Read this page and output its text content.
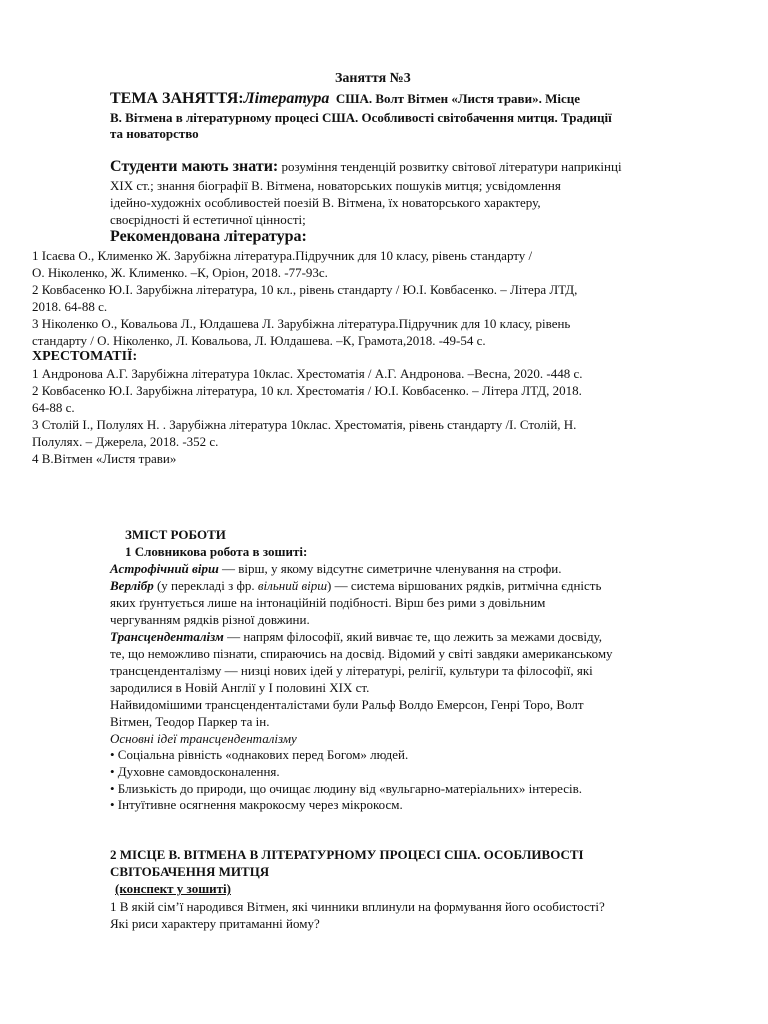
Заняття №3
ТЕМА ЗАНЯТТЯ:Література США. Волт Вітмен «Листя трави». Місце
В. Вітмена в літературному процесі США. Особливості світобачення митця. Традиції
та новаторство
Студенти мають знати: розуміння тенденцій розвитку світової літератури наприкінці
ХІХ ст.; знання біографії В. Вітмена, новаторських пошуків митця; усвідомлення
ідейно-художніх особливостей поезій В. Вітмена, їх новаторського характеру,
своєрідності й естетичної цінності;
Рекомендована література:
1 Ісаєва О., Клименко Ж. Зарубіжна література.Підручник для 10 класу, рівень стандарту /
О. Ніколенко, Ж. Клименко. –К, Оріон, 2018. -77-93с.
2 Ковбасенко Ю.І. Зарубіжна література, 10 кл., рівень стандарту / Ю.І. Ковбасенко. – Літера ЛТД,
2018. 64-88 с.
3 Ніколенко О., Ковальова Л., Юлдашева Л. Зарубіжна література.Підручник для 10 класу, рівень
стандарту / О. Ніколенко, Л. Ковальова, Л. Юлдашева. –К, Грамота,2018. -49-54 с.
ХРЕСТОМАТІЇ:
1 Андронова А.Г. Зарубіжна література 10клас. Хрестоматія / А.Г. Андронова. –Весна, 2020. -448 с.
2 Ковбасенко Ю.І. Зарубіжна література, 10 кл. Хрестоматія / Ю.І. Ковбасенко. – Літера ЛТД, 2018.
64-88 с.
3 Столій І., Полулях Н. . Зарубіжна література 10клас. Хрестоматія, рівень стандарту /І. Столій, Н.
Полулях. – Джерела, 2018. -352 с.
4 В.Вітмен «Листя трави»
ЗМІСТ РОБОТИ
1 Словникова робота в зошиті:
Астрофічний вірш — вірш, у якому відсутнє симетричне членування на строфи.
Верлібр (у перекладі з фр. вільний вірш) — система віршованих рядків, ритмічна єдність
яких ґрунтується лише на інтонаційній подібності. Вірш без рими з довільним
чергуванням рядків різної довжини.
Трансценденталізм — напрям філософії, який вивчає те, що лежить за межами досвіду,
те, що неможливо пізнати, спираючись на досвід. Відомий у світі завдяки американському
трансценденталізму — низці нових ідей у літературі, релігії, культури та філософії, які
зародилися в Новій Англії у І половині ХІХ ст.
Найвидомішими трансценденталістами були Ральф Волдо Емерсон, Генрі Торо, Волт
Вітмен, Теодор Паркер та ін.
Основні ідеї трансценденталізму
• Соціальна рівність «однакових перед Богом» людей.
• Духовне самовдосконалення.
• Близькість до природи, що очищає людину від «вульгарно-матеріальних» інтересів.
• Інтуїтивне осягнення макрокосму через мікрокосм.
2 МІСЦЕ В. ВІТМЕНА В ЛІТЕРАТУРНОМУ ПРОЦЕСІ США. ОСОБЛИВОСТІ
СВІТОБАЧЕННЯ МИТЦЯ
(конспект у зошиті)
1 В якій сім’ї народився Вітмен, які чинники вплинули на формування його особистості?
Які риси характеру притаманні йому?
